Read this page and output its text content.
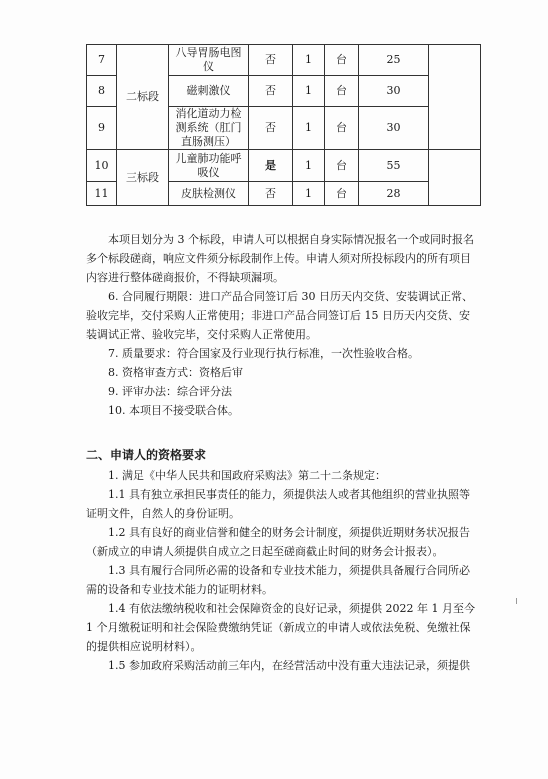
7	二标段	八导胃肠电图仪	否	1	台	25	
8		磁刺激仪	否	1	台	30	
9		消化道动力检测系统（肛门直肠测压）	否	1	台	30	
10	三标段	儿童肺功能呼吸仪	是	1	台	55	
11		皮肤检测仪	否	1	台	28	

本项目划分为 3 个标段，申请人可以根据自身实际情况报名一个或同时报名多个标段磋商，响应文件须分标段制作上传。申请人须对所投标段内的所有项目内容进行整体磋商报价，不得缺项漏项。

6. 合同履行期限：进口产品合同签订后 30 日历天内交货、安装调试正常、验收完毕，交付采购人正常使用；非进口产品合同签订后 15 日历天内交货、安装调试正常、验收完毕，交付采购人正常使用。

7. 质量要求：符合国家及行业现行执行标准，一次性验收合格。

8. 资格审查方式：资格后审

9. 评审办法：综合评分法

10. 本项目不接受联合体。

二、申请人的资格要求

1. 满足《中华人民共和国政府采购法》第二十二条规定：

1.1 具有独立承担民事责任的能力，须提供法人或者其他组织的营业执照等证明文件，自然人的身份证明。

1.2 具有良好的商业信誉和健全的财务会计制度，须提供近期财务状况报告（新成立的申请人须提供自成立之日起至磋商截止时间的财务会计报表）。

1.3 具有履行合同所必需的设备和专业技术能力，须提供具备履行合同所必需的设备和专业技术能力的证明材料。

1.4 有依法缴纳税收和社会保障资金的良好记录，须提供 2022 年 1 月至今 1 个月缴税证明和社会保险费缴纳凭证（新成立的申请人或依法免税、免缴社保的提供相应说明材料）。

1.5 参加政府采购活动前三年内，在经营活动中没有重大违法记录，须提供
